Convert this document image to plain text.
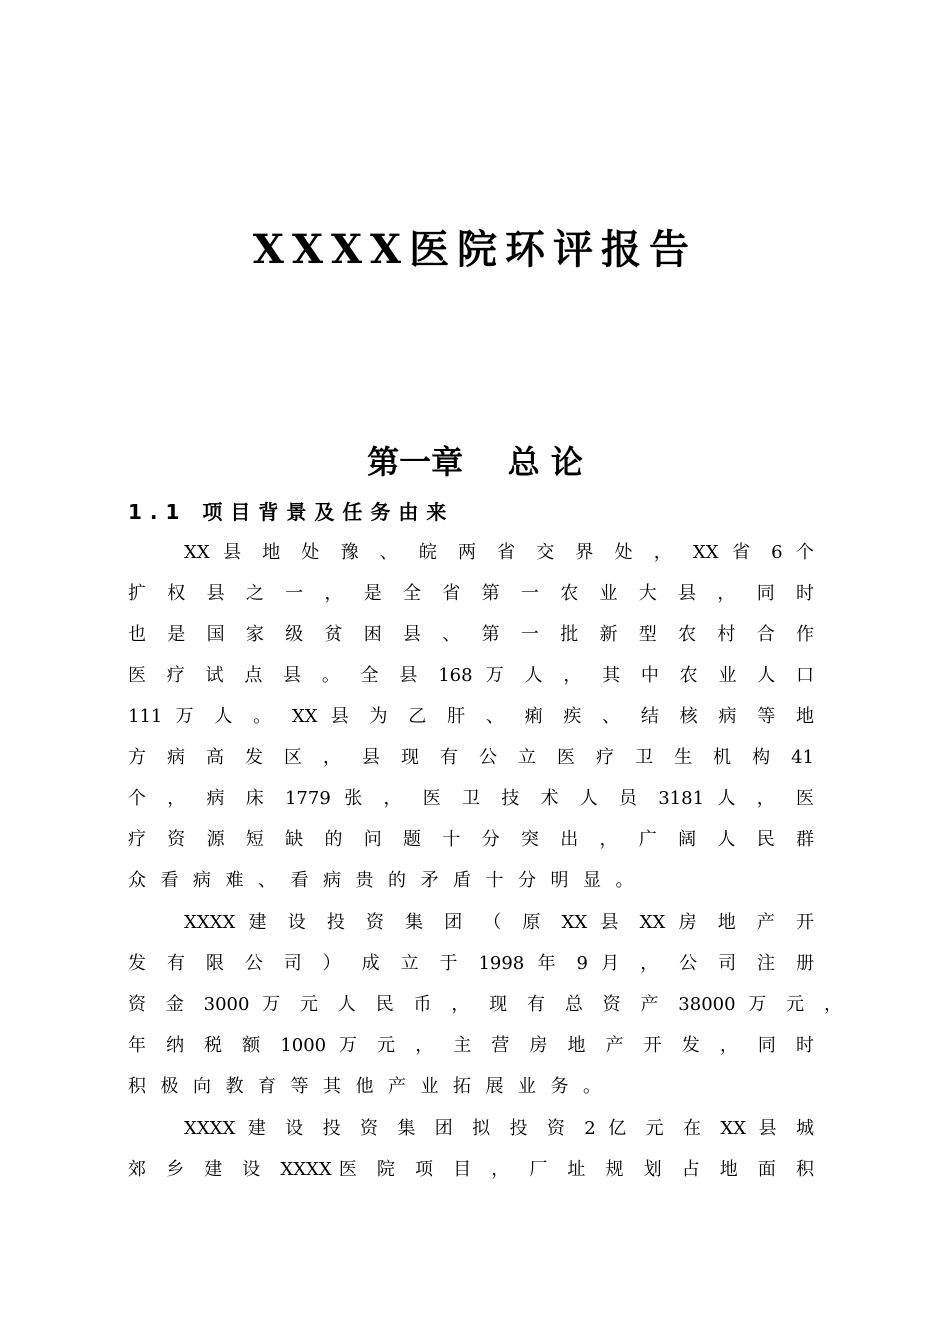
XXXX医院环评报告
第一章    总 论
1.1 项目背景及任务由来
XX 县 地 处 豫 、 皖 两 省 交 界 处 ， XX 省 6 个
扩 权 县 之 一 ， 是 全 省 第 一 农 业 大 县 ， 同 时
也 是 国 家 级 贫 困 县 、 第 一 批 新 型 农 村 合 作
医 疗 试 点 县 。 全 县 168 万 人 ， 其 中 农 业 人 口
111 万 人 。 XX 县 为 乙 肝 、 痢 疾 、 结 核 病 等 地
方 病 高 发 区 ， 县 现 有 公 立 医 疗 卫 生 机 构 41
个 ， 病 床 1779 张 ， 医 卫 技 术 人 员 3181 人 ， 医
疗 资 源 短 缺 的 问 题 十 分 突 出 ， 广 阔 人 民 群
众看病难、看病贵的矛盾十分明显。
XXXX 建 设 投 资 集 团 （ 原 XX 县 XX 房 地 产 开
发 有 限 公 司 ） 成 立 于 1998 年 9 月 ， 公 司 注 册
资 金 3000 万 元 人 民 币 ， 现 有 总 资 产 38000 万 元 ，
年 纳 税 额 1000 万 元 ， 主 营 房 地 产 开 发 ， 同 时
积极向教育等其他产业拓展业务。
XXXX 建 设 投 资 集 团 拟 投 资 2 亿 元 在 XX 县 城
郊 乡 建 设 XXXX医 院 项 目 ， 厂 址 规 划 占 地 面 积
